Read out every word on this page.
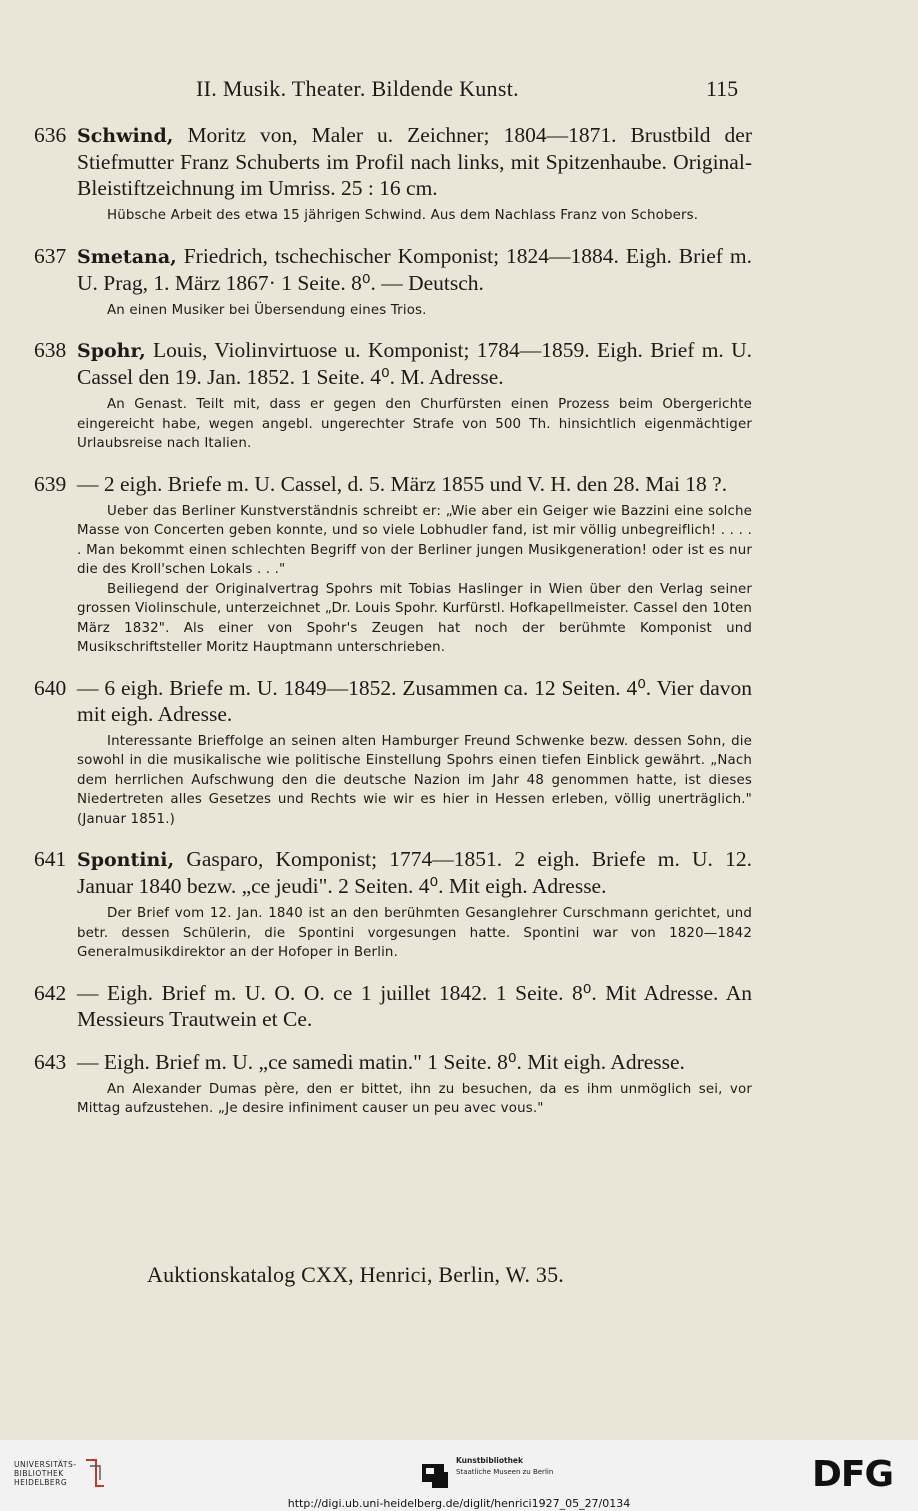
II. Musik. Theater. Bildende Kunst.	115
636 Schwind, Moritz von, Maler u. Zeichner; 1804—1871. Brustbild der Stiefmutter Franz Schuberts im Profil nach links, mit Spitzenhaube. Original-Bleistiftzeichnung im Umriss. 25 : 16 cm.
Hübsche Arbeit des etwa 15 jährigen Schwind. Aus dem Nachlass Franz von Schobers.
637 Smetana, Friedrich, tschechischer Komponist; 1824—1884. Eigh. Brief m. U. Prag, 1. März 1867· 1 Seite. 8⁰. — Deutsch.
An einen Musiker bei Übersendung eines Trios.
638 Spohr, Louis, Violinvirtuose u. Komponist; 1784—1859. Eigh. Brief m. U. Cassel den 19. Jan. 1852. 1 Seite. 4⁰. M. Adresse.
An Genast. Teilt mit, dass er gegen den Churfürsten einen Prozess beim Obergerichte eingereicht habe, wegen angebl. ungerechter Strafe von 500 Th. hinsichtlich eigenmächtiger Urlaubsreise nach Italien.
639 — 2 eigh. Briefe m. U. Cassel, d. 5. März 1855 und V. H. den 28. Mai 18 ?.
Ueber das Berliner Kunstverständnis schreibt er: „Wie aber ein Geiger wie Bazzini eine solche Masse von Concerten geben konnte, und so viele Lobhudler fand, ist mir völlig unbegreiflich! . . . . . Man bekommt einen schlechten Begriff von der Berliner jungen Musikgeneration! oder ist es nur die des Kroll'schen Lokals . . ."
Beiliegend der Originalvertrag Spohrs mit Tobias Haslinger in Wien über den Verlag seiner grossen Violinschule, unterzeichnet „Dr. Louis Spohr. Kurfürstl. Hofkapellmeister. Cassel den 10ten März 1832". Als einer von Spohr's Zeugen hat noch der berühmte Komponist und Musikschriftsteller Moritz Hauptmann unterschrieben.
640 — 6 eigh. Briefe m. U. 1849—1852. Zusammen ca. 12 Seiten. 4⁰. Vier davon mit eigh. Adresse.
Interessante Brieffolge an seinen alten Hamburger Freund Schwenke bezw. dessen Sohn, die sowohl in die musikalische wie politische Einstellung Spohrs einen tiefen Einblick gewährt. „Nach dem herrlichen Aufschwung den die deutsche Nazion im Jahr 48 genommen hatte, ist dieses Niedertreten alles Gesetzes und Rechts wie wir es hier in Hessen erleben, völlig unerträglich." (Januar 1851.)
641 Spontini, Gasparo, Komponist; 1774—1851. 2 eigh. Briefe m. U. 12. Januar 1840 bezw. „ce jeudi". 2 Seiten. 4⁰. Mit eigh. Adresse.
Der Brief vom 12. Jan. 1840 ist an den berühmten Gesanglehrer Curschmann gerichtet, und betr. dessen Schülerin, die Spontini vorgesungen hatte. Spontini war von 1820—1842 Generalmusikdirektor an der Hofoper in Berlin.
642 — Eigh. Brief m. U. O. O. ce 1 juillet 1842. 1 Seite. 8⁰. Mit Adresse. An Messieurs Trautwein et Ce.
643 — Eigh. Brief m. U. „ce samedi matin." 1 Seite. 8⁰. Mit eigh. Adresse.
An Alexander Dumas père, den er bittet, ihn zu besuchen, da es ihm unmöglich sei, vor Mittag aufzustehen. „Je desire infiniment causer un peu avec vous."
Auktionskatalog CXX, Henrici, Berlin, W. 35.
UNIVERSITÄTS-
BIBLIOTHEK
HEIDELBERG
Kunstbibliothek
Staatliche Museen zu Berlin	DFG
http://digi.ub.uni-heidelberg.de/diglit/henrici1927_05_27/0134
